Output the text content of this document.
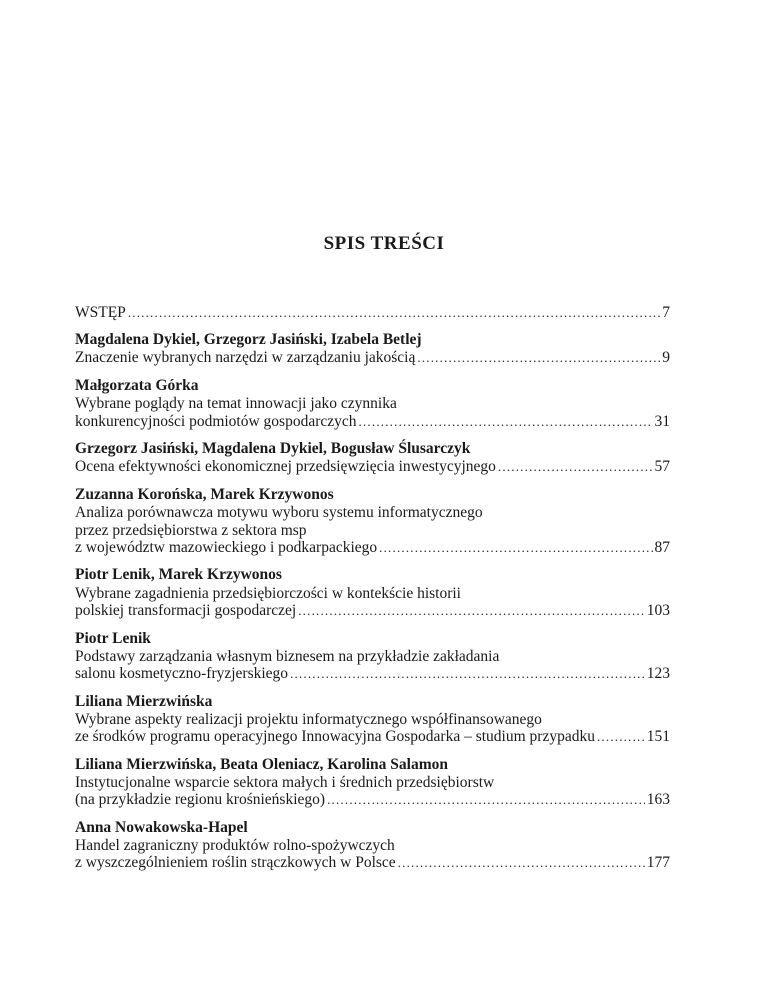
SPIS TREŚCI
WSTĘP .....	7
Magdalena Dykiel, Grzegorz Jasiński, Izabela Betlej
Znaczenie wybranych narzędzi w zarządzaniu jakością .....	9
Małgorzata Górka
Wybrane poglądy na temat innowacji jako czynnika
konkurencyjności podmiotów gospodarczych .....	31
Grzegorz Jasiński, Magdalena Dykiel, Bogusław Ślusarczyk
Ocena efektywności ekonomicznej przedsięwzięcia inwestycyjnego .....	57
Zuzanna Korońska, Marek Krzywonos
Analiza porównawcza motywu wyboru systemu informatycznego
przez przedsiębiorstwa z sektora msp
z województw mazowieckiego i podkarpackiego .....	87
Piotr Lenik, Marek Krzywonos
Wybrane zagadnienia przedsiębiorczości w kontekście historii
polskiej transformacji gospodarczej .....	103
Piotr Lenik
Podstawy zarządzania własnym biznesem na przykładzie zakładania
salonu kosmetyczno-fryzjerskiego .....	123
Liliana Mierzwińska
Wybrane aspekty realizacji projektu informatycznego współfinansowanego
ze środków programu operacyjnego Innowacyjna Gospodarka – studium przypadku .....	151
Liliana Mierzwińska, Beata Oleniacz, Karolina Salamon
Instytucjonalne wsparcie sektora małych i średnich przedsiębiorstw
(na przykładzie regionu krośnieńskiego) .....	163
Anna Nowakowska-Hapel
Handel zagraniczny produktów rolno-spożywczych
z wyszczególnieniem roślin strączkowych w Polsce .....	177
